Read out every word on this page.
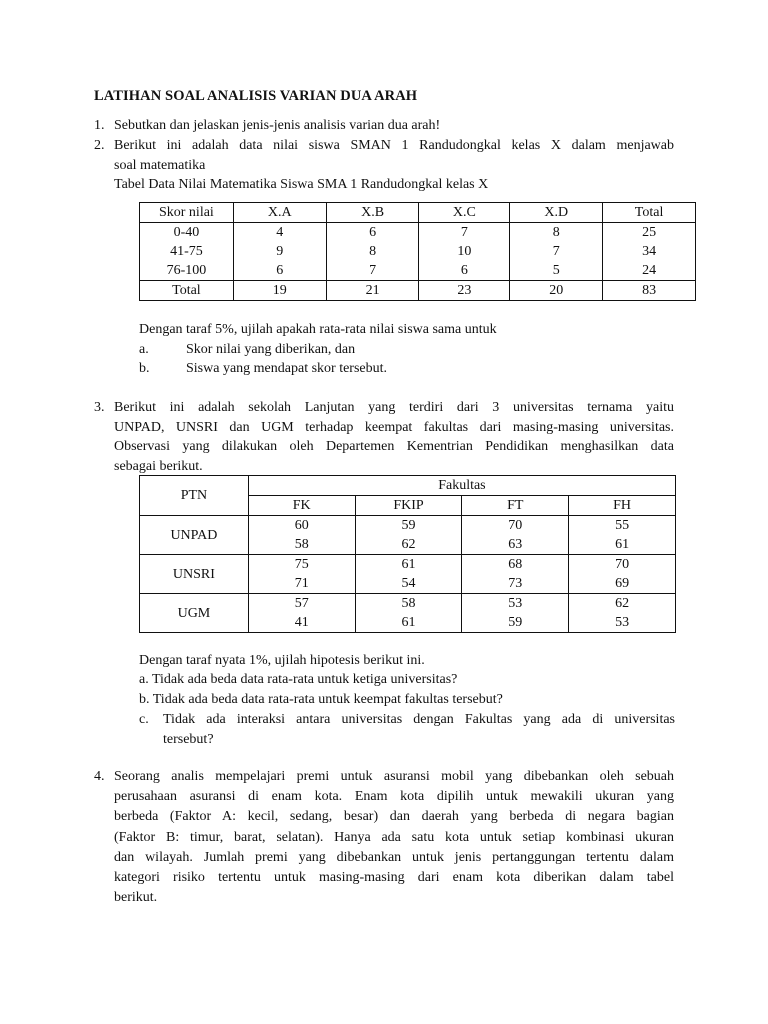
LATIHAN SOAL ANALISIS VARIAN DUA ARAH
1. Sebutkan dan jelaskan jenis-jenis analisis varian dua arah!
2. Berikut ini adalah data nilai siswa SMAN 1 Randudongkal kelas X dalam menjawab
soal matematika
Tabel Data Nilai Matematika Siswa SMA 1 Randudongkal kelas X
Skor nilai	X.A	X.B	X.C	X.D	Total
0-40	4	6	7	8	25
41-75	9	8	10	7	34
76-100	6	7	6	5	24
Total	19	21	23	20	83
Dengan taraf 5%, ujilah apakah rata-rata nilai siswa sama untuk
a.	Skor nilai yang diberikan, dan
b.	Siswa yang mendapat skor tersebut.
3. Berikut ini adalah sekolah Lanjutan yang terdiri dari 3 universitas ternama yaitu
UNPAD, UNSRI dan UGM terhadap keempat fakultas dari masing-masing universitas.
Observasi yang dilakukan oleh Departemen Kementrian Pendidikan menghasilkan data
sebagai berikut.
PTN	Fakultas			
	FK	FKIP	FT	FH
UNPAD	60	59	70	55
	58	62	63	61
UNSRI	75	61	68	70
	71	54	73	69
UGM	57	58	53	62
	41	61	59	53
Dengan taraf nyata 1%, ujilah hipotesis berikut ini.
a. Tidak ada beda data rata-rata untuk ketiga universitas?
b. Tidak ada beda data rata-rata untuk keempat fakultas tersebut?
c. Tidak ada interaksi antara universitas dengan Fakultas yang ada di universitas
tersebut?
4. Seorang analis mempelajari premi untuk asuransi mobil yang dibebankan oleh sebuah
perusahaan asuransi di enam kota. Enam kota dipilih untuk mewakili ukuran yang
berbeda (Faktor A: kecil, sedang, besar) dan daerah yang berbeda di negara bagian
(Faktor B: timur, barat, selatan). Hanya ada satu kota untuk setiap kombinasi ukuran
dan wilayah. Jumlah premi yang dibebankan untuk jenis pertanggungan tertentu dalam
kategori risiko tertentu untuk masing-masing dari enam kota diberikan dalam tabel
berikut.
